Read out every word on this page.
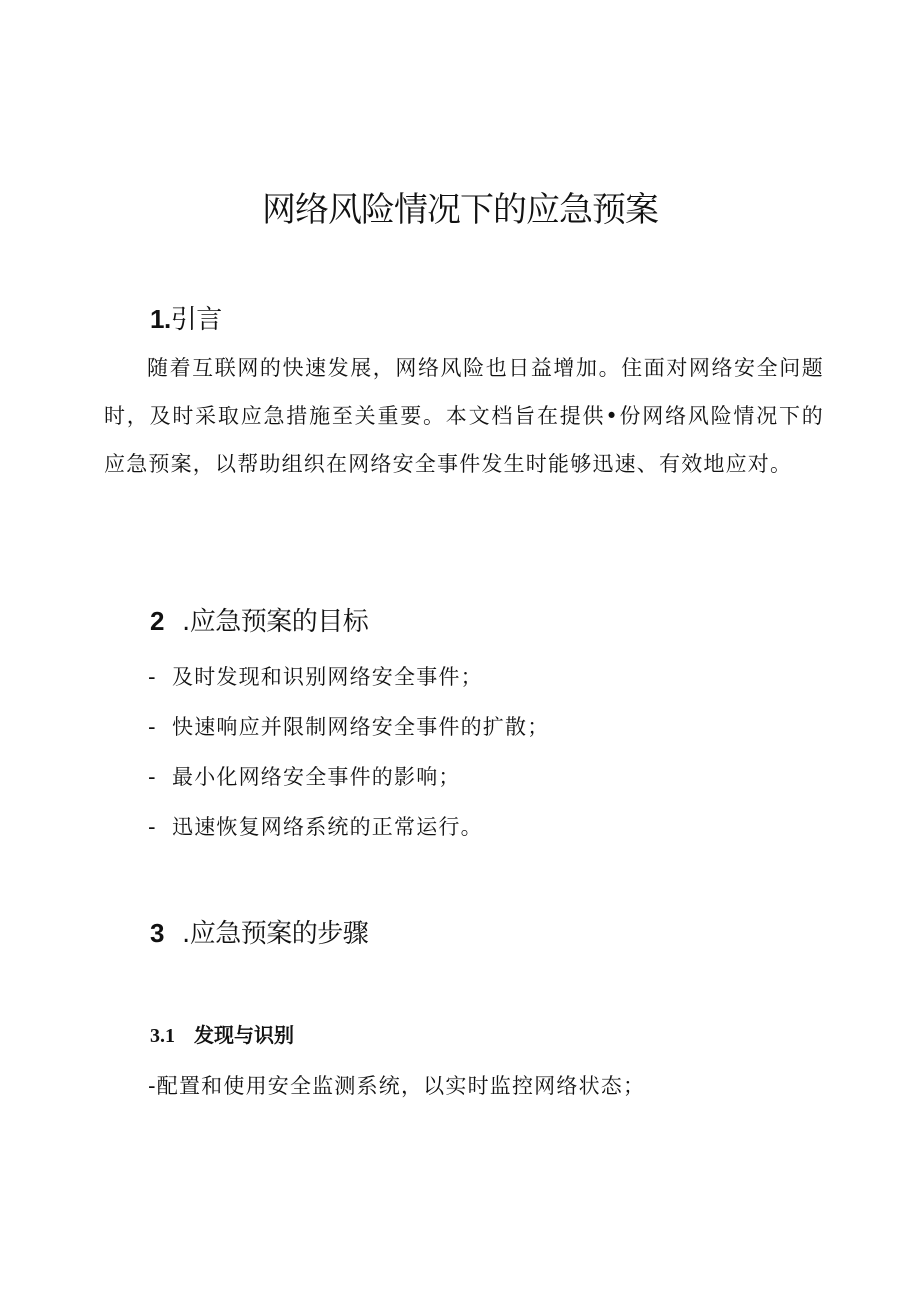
网络风险情况下的应急预案
1.引言

随着互联网的快速发展，网络风险也日益增加。住面对网络安全问题时，及时采取应急措施至关重要。本文档旨在提供•份网络风险情况下的应急预案，以帮助组织在网络安全事件发生时能够迅速、有效地应对。

2 .应急预案的目标

- 及时发现和识别网络安全事件；

- 快速响应并限制网络安全事件的扩散；

- 最小化网络安全事件的影响；

- 迅速恢复网络系统的正常运行。

3 .应急预案的步骤
3.1 发现与识别

-配置和使用安全监测系统，以实时监控网络状态；
